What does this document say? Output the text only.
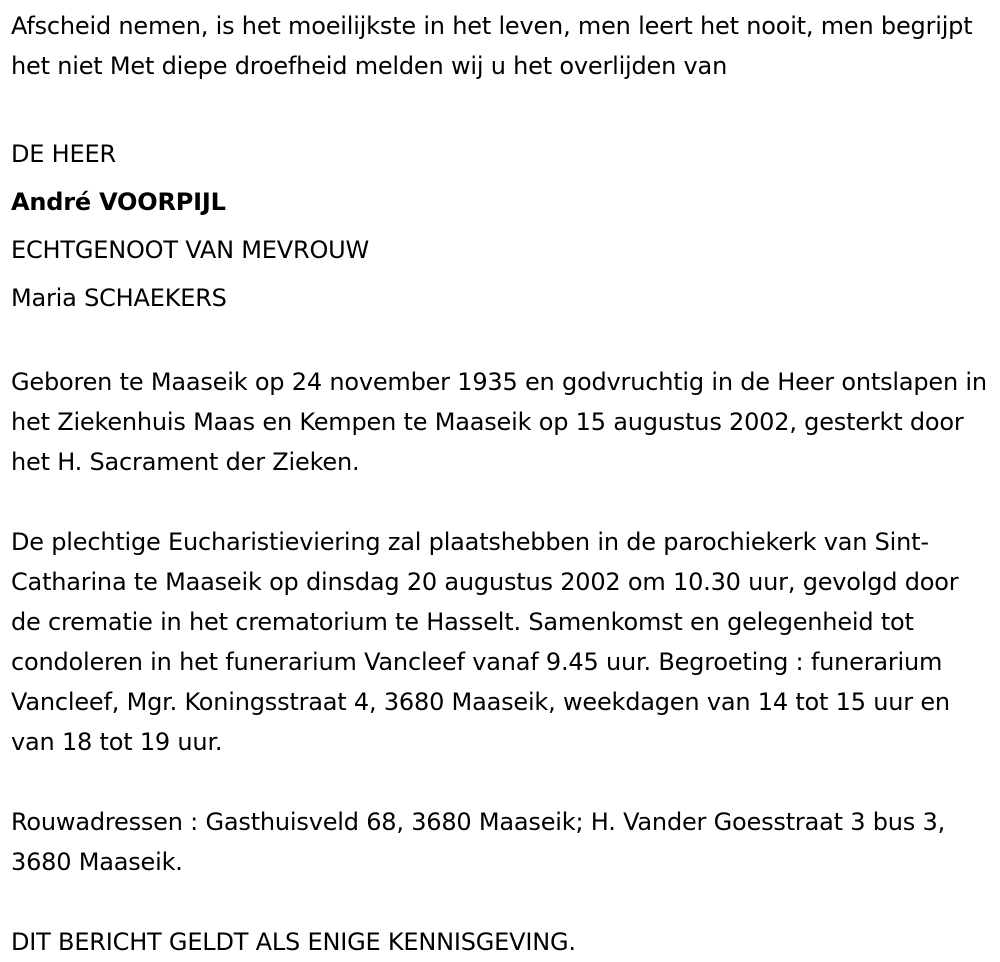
Afscheid nemen, is het moeilijkste in het leven, men leert het nooit, men begrijpt het niet Met diepe droefheid melden wij u het overlijden van

DE HEER
André VOORPIJL
ECHTGENOOT VAN MEVROUW
Maria SCHAEKERS

Geboren te Maaseik op 24 november 1935 en godvruchtig in de Heer ontslapen in het Ziekenhuis Maas en Kempen te Maaseik op 15 augustus 2002, gesterkt door het H. Sacrament der Zieken.

De plechtige Eucharistieviering zal plaatshebben in de parochiekerk van Sint-Catharina te Maaseik op dinsdag 20 augustus 2002 om 10.30 uur, gevolgd door de crematie in het crematorium te Hasselt. Samenkomst en gelegenheid tot condoleren in het funerarium Vancleef vanaf 9.45 uur. Begroeting : funerarium Vancleef, Mgr. Koningsstraat 4, 3680 Maaseik, weekdagen van 14 tot 15 uur en van 18 tot 19 uur.

Rouwadressen : Gasthuisveld 68, 3680 Maaseik; H. Vander Goesstraat 3 bus 3, 3680 Maaseik.

DIT BERICHT GELDT ALS ENIGE KENNISGEVING.
